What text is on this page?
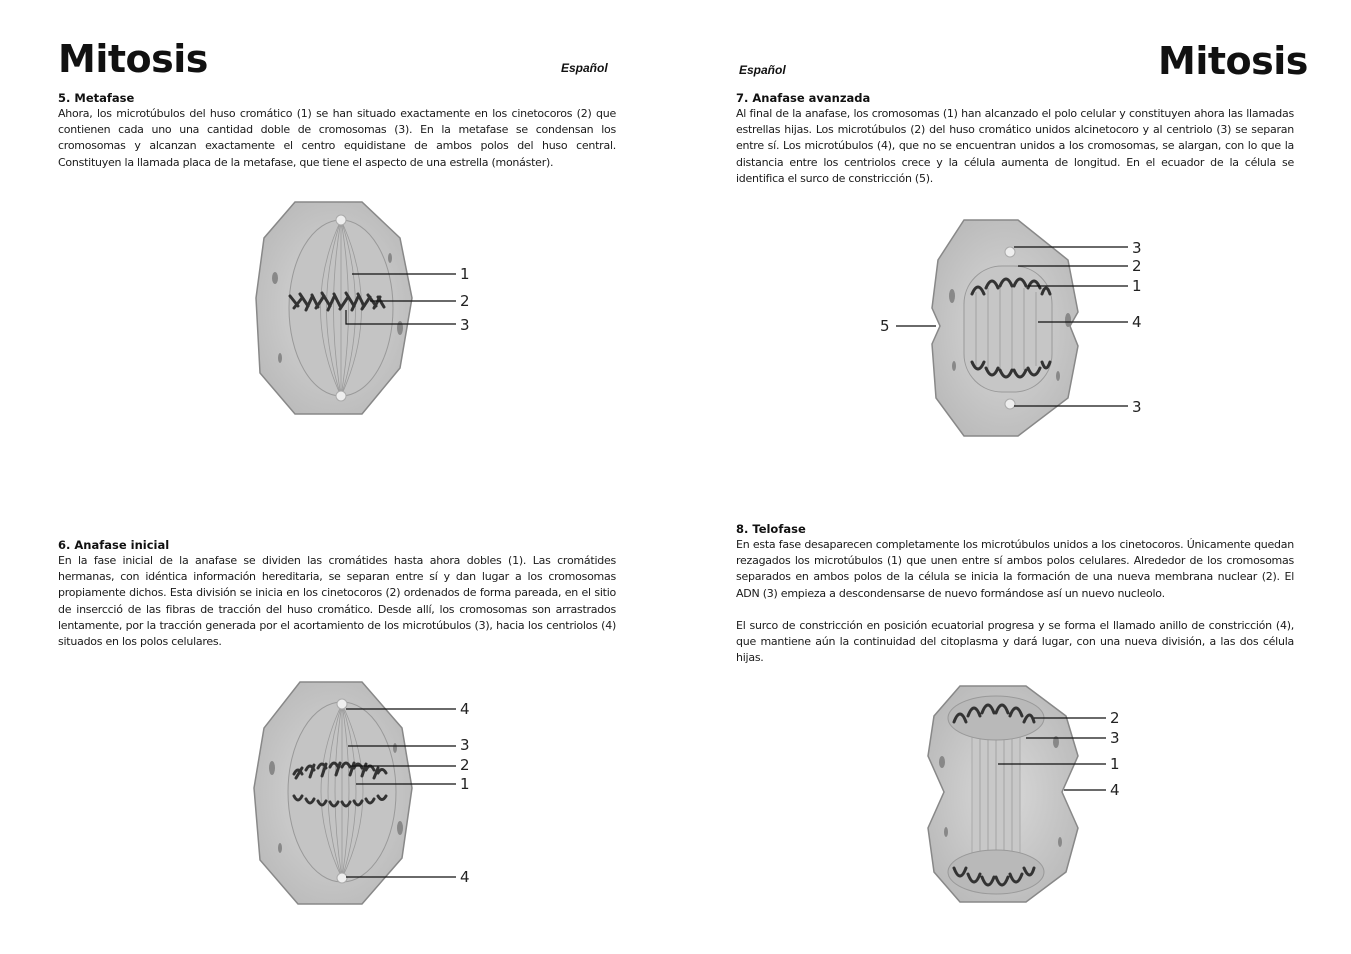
Mitosis	Español
5. Metafase

Ahora, los microtúbulos del huso cromático (1) se han situado exactamente en los cinetocoros (2) que contienen cada uno una cantidad doble de cromosomas (3). En la metafase se condensan los cromosomas y alcanzan exactamente el centro equidistane de ambos polos del huso central. Constituyen la llamada placa de la metafase, que tiene el aspecto de una estrella (monáster).

1
2
3
6. Anafase inicial

En la fase inicial de la anafase se dividen las cromátides hasta ahora dobles (1). Las cromátides hermanas, con idéntica información hereditaria, se separan entre sí y dan lugar a los cromosomas propiamente dichos. Esta división se inicia en los cinetocoros (2) ordenados de forma pareada, en el sitio de insercció de las fibras de tracción del huso cromático. Desde allí, los cromosomas son arrastrados lentamente, por la tracción generada por el acortamiento de los microtúbulos (3), hacia los centriolos (4) situados en los polos celulares.

4
3
2
1
4
Mitosis
Español
7. Anafase avanzada

Al final de la anafase, los cromosomas (1) han alcanzado el polo celular y constituyen ahora las llamadas estrellas hijas. Los microtúbulos (2) del huso cromático unidos alcinetocoro y al centriolo (3) se separan entre sí. Los microtúbulos (4), que no se encuentran unidos a los cromosomas, se alargan, con lo que la distancia entre los centriolos crece y la célula aumenta de longitud. En el ecuador de la célula se identifica el surco de constricción (5).

3
2
1
4
3
5
8. Telofase

En esta fase desaparecen completamente los microtúbulos unidos a los cinetocoros. Únicamente quedan rezagados los microtúbulos (1) que unen entre sí ambos polos celulares. Alrededor de los cromosomas separados en ambos polos de la célula se inicia la formación de una nueva membrana nuclear (2). El ADN (3) empieza a descondensarse de nuevo formándose así un nuevo nucleolo.

El surco de constricción en posición ecuatorial progresa y se forma el llamado anillo de constricción (4), que mantiene aún la continuidad del citoplasma y dará lugar, con una nueva división, a las dos célula hijas.

2
3
1
4
